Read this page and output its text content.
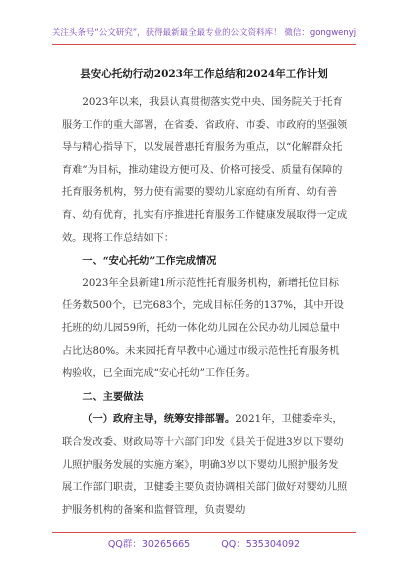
关注头条号“公文研究”，获得最新最全最专业的公文资料库！ 微信：gongwenyj
县安心托幼行动2023年工作总结和2024年工作计划

2023年以来，我县认真贯彻落实党中央、国务院关于托育服务工作的重大部署，在省委、省政府、市委、市政府的坚强领导与精心指导下，以发展普惠托育服务为重点，以“化解群众托育难”为目标，推动建设方便可及、价格可接受、质量有保障的托育服务机构，努力使有需要的婴幼儿家庭幼有所育、幼有善育、幼有优育，扎实有序推进托育服务工作健康发展取得一定成效。现将工作总结如下：

一、“安心托幼”工作完成情况

2023年全县新建1所示范性托育服务机构，新增托位目标任务数500个，已完683个，完成目标任务的137%，其中开设托班的幼儿园59所，托幼一体化幼儿园在公民办幼儿园总量中占比达80%。未来园托育早教中心通过市级示范性托育服务机构验收，已全面完成“安心托幼”工作任务。

二、主要做法

（一）政府主导，统筹安排部署。2021年，卫健委牵头，联合发改委、财政局等十六部门印发《县关于促进3岁以下婴幼儿照护服务发展的实施方案》，明确3岁以下婴幼儿照护服务发展工作部门职责，卫健委主要负责协调相关部门做好对婴幼儿照护服务机构的备案和监督管理，负责婴幼

QQ群：30265665	QQ：535304092
